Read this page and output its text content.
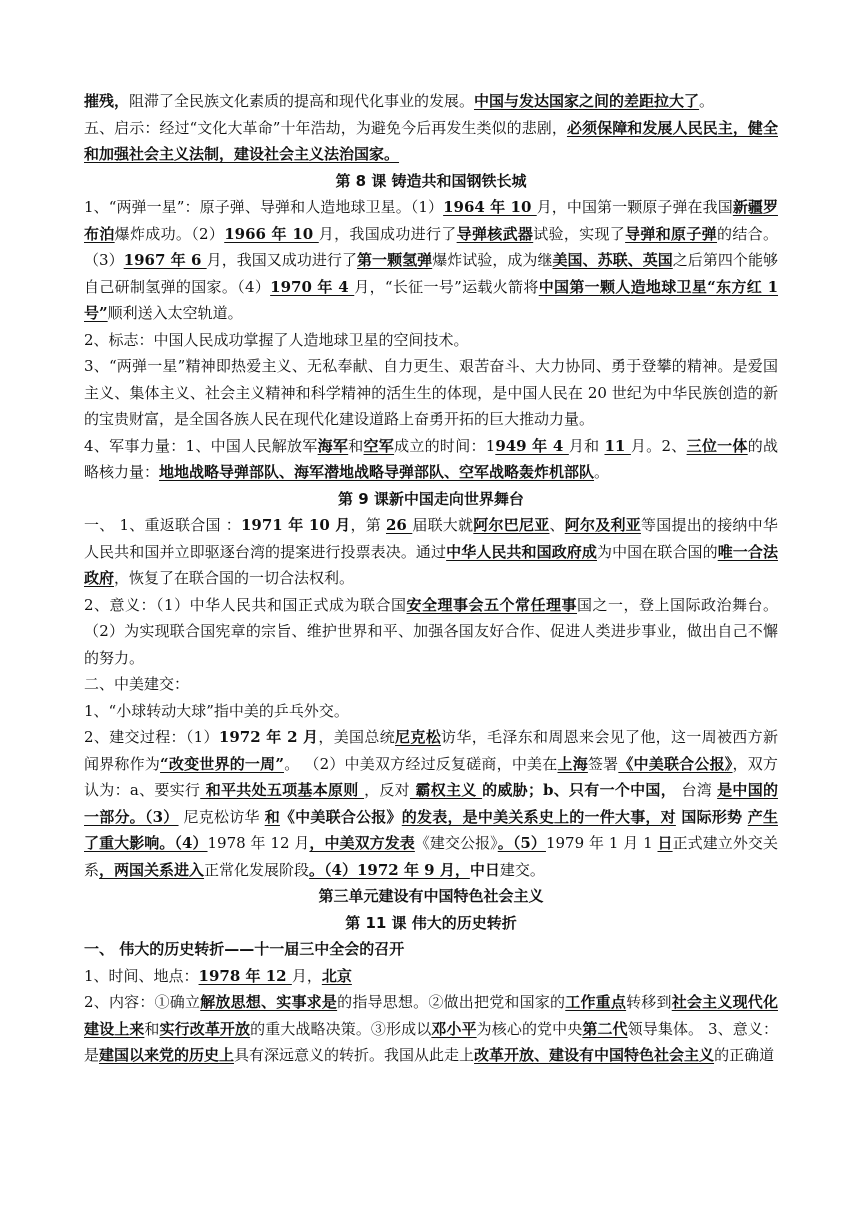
摧残，阻滞了全民族文化素质的提高和现代化事业的发展。中国与发达国家之间的差距拉大了。

五、启示：经过“文化大革命”十年浩劫，为避免今后再发生类似的悲剧，必须保障和发展人民民主，健全和加强社会主义法制，建设社会主义法治国家。

第 8 课 铸造共和国钢铁长城

1、“两弹一星”：原子弹、导弹和人造地球卫星。（1）1964 年 10 月，中国第一颗原子弹在我国新疆罗布泊爆炸成功。（2）1966 年 10 月，我国成功进行了导弹核武器试验，实现了导弹和原子弹的结合。（3）1967 年 6 月，我国又成功进行了第一颗氢弹爆炸试验，成为继美国、苏联、英国之后第四个能够自己研制氢弹的国家。（4）1970 年 4 月，“长征一号”运载火箭将中国第一颗人造地球卫星“东方红 1 号”顺利送入太空轨道。

2、标志：中国人民成功掌握了人造地球卫星的空间技术。

3、“两弹一星”精神即热爱主义、无私奉献、自力更生、艰苦奋斗、大力协同、勇于登攀的精神。是爱国主义、集体主义、社会主义精神和科学精神的活生生的体现，是中国人民在 20 世纪为中华民族创造的新的宝贵财富，是全国各族人民在现代化建设道路上奋勇开拓的巨大推动力量。

4、军事力量：1、中国人民解放军海军和空军成立的时间：1949 年 4 月和 11 月。2、三位一体的战略核力量：地地战略导弹部队、海军潜地战略导弹部队、空军战略轰炸机部队。

第 9 课新中国走向世界舞台

一、 1、重返联合国 ：1971 年 10 月，第 26 届联大就阿尔巴尼亚、阿尔及利亚等国提出的接纳中华人民共和国并立即驱逐台湾的提案进行投票表决。通过中华人民共和国政府成为中国在联合国的唯一合法政府，恢复了在联合国的一切合法权利。

2、意义：（1）中华人民共和国正式成为联合国安全理事会五个常任理事国之一，登上国际政治舞台。（2）为实现联合国宪章的宗旨、维护世界和平、加强各国友好合作、促进人类进步事业，做出自己不懈的努力。

二、中美建交：

1、“小球转动大球”指中美的乒乓外交。

2、建交过程：（1）1972 年 2 月，美国总统尼克松访华，毛泽东和周恩来会见了他，这一周被西方新闻界称作为“改变世界的一周”。 （2）中美双方经过反复磋商，中美在上海签署《中美联合公报》，双方认为：a、要实行 和平共处五项基本原则 ，反对 霸权主义 的威胁；b、只有一个中国， 台湾 是中国的一部分。（3） 尼克松访华 和《中美联合公报》的发表，是中美关系史上的一件大事，对 国际形势 产生了重大影响。（4）1978 年 12 月，中美双方发表《建交公报》。（5）1979 年 1 月 1 日正式建立外交关系，两国关系进入正常化发展阶段。（4）1972 年 9 月，中日建交。

第三单元建设有中国特色社会主义

第 11 课 伟大的历史转折

一、 伟大的历史转折——十一届三中全会的召开

1、时间、地点：1978 年 12 月，北京

2、内容：①确立解放思想、实事求是的指导思想。②做出把党和国家的工作重点转移到社会主义现代化建设上来和实行改革开放的重大战略决策。③形成以邓小平为核心的党中央第二代领导集体。 3、意义：是建国以来党的历史上具有深远意义的转折。我国从此走上改革开放、建设有中国特色社会主义的正确道
